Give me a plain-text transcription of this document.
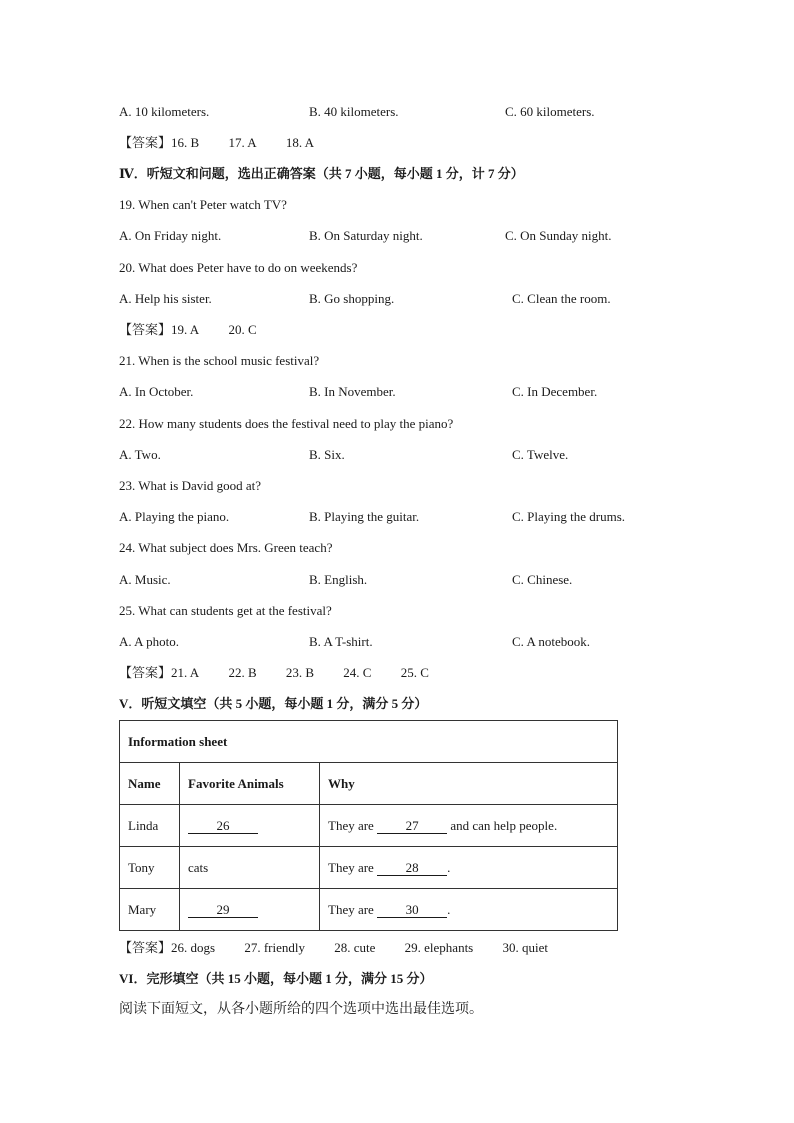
A. 10 kilometers.	B. 40 kilometers.	C. 60 kilometers.
【答案】16. B 17. A 18. A
Ⅳ．听短文和问题，选出正确答案（共 7 小题，每小题 1 分，计 7 分）
19. When can't Peter watch TV?
A. On Friday night.	B. On Saturday night.	C. On Sunday night.
20. What does Peter have to do on weekends?
A. Help his sister.	B. Go shopping.	C. Clean the room.
【答案】19. A 20. C
21. When is the school music festival?
A. In October.	B. In November.	C. In December.
22. How many students does the festival need to play the piano?
A. Two.	B. Six.	C. Twelve.
23. What is David good at?
A. Playing the piano.	B. Playing the guitar.	C. Playing the drums.
24. What subject does Mrs. Green teach?
A. Music.	B. English.	C. Chinese.
25. What can students get at the festival?
A. A photo.	B. A T-shirt.	C. A notebook.
【答案】21. A 22. B 23. B 24. C 25. C
V．听短文填空（共 5 小题，每小题 1 分，满分 5 分）
Information sheet		
Name	Favorite Animals	Why
Linda	26	They are 27 and can help people.
Tony	cats	They are 28 .
Mary	29	They are 30 .
【答案】26. dogs 27. friendly 28. cute 29. elephants 30. quiet
VI．完形填空（共 15 小题，每小题 1 分，满分 15 分）
阅读下面短文，从各小题所给的四个选项中选出最佳选项。
